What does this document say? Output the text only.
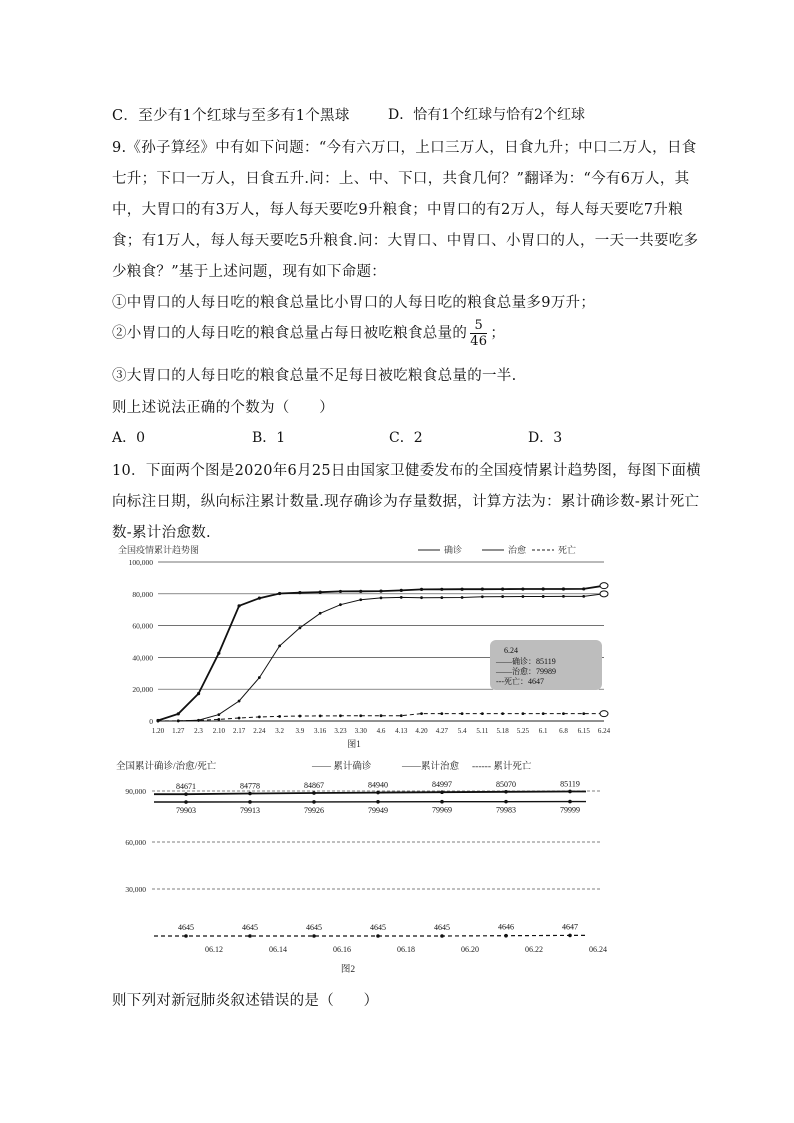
C．至少有1个红球与至多有1个黑球	D．恰有1个红球与恰有2个红球
9.《孙子算经》中有如下问题：“今有六万口，上口三万人，日食九升；中口二万人，日食
七升；下口一万人，日食五升.问：上、中、下口，共食几何？”翻译为：“今有6万人，其
中，大胃口的有3万人，每人每天要吃9升粮食；中胃口的有2万人，每人每天要吃7升粮
食；有1万人，每人每天要吃5升粮食.问：大胃口、中胃口、小胃口的人，一天一共要吃多
少粮食？”基于上述问题，现有如下命题：
①中胃口的人每日吃的粮食总量比小胃口的人每日吃的粮食总量多9万升；
②小胃口的人每日吃的粮食总量占每日被吃粮食总量的 $\frac{5}{46}$ ；
③大胃口的人每日吃的粮食总量不足每日被吃粮食总量的一半.
则上述说法正确的个数为（　　）
A．0	B．1	C．2	D．3
10．下面两个图是2020年6月25日由国家卫健委发布的全国疫情累计趋势图，每图下面横
向标注日期，纵向标注累计数量.现存确诊为存量数据，计算方法为：累计确诊数-累计死亡
数-累计治愈数.
全国疫情累计趋势图	确诊	治愈	死亡
100,000
80,000
60,000
40,000
20,000
0
1.20 1.27 2.3 2.10 2.17 2.24 3.2 3.9 3.16 3.23 3.30 4.6 4.13 4.20 4.27 5.4 5.11 5.18 5.25 6.1 6.8 6.15 6.24
6.24
——确诊：85119
——治愈：79989
---死亡：4647
图1
全国累计确诊/治愈/死亡	—— 累计确诊	——累计治愈 ------ 累计死亡
90,000
60,000
30,000
84671	84778	84867	84940	84997	85070	85119
79903	79913	79926	79949	79969	79983	79999
4645	4645	4645	4645	4645	4646	4647
06.12	06.14	06.16	06.18	06.20	06.22	06.24
图2
则下列对新冠肺炎叙述错误的是（　　）
